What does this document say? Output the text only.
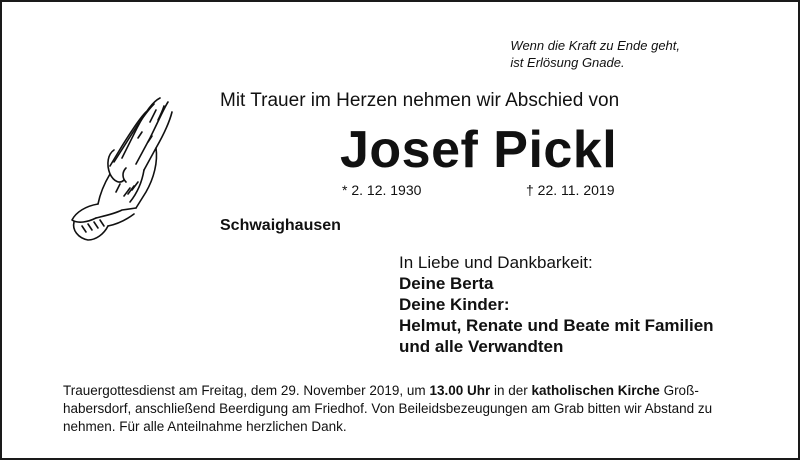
Wenn die Kraft zu Ende geht,
ist Erlösung Gnade.
Mit Trauer im Herzen nehmen wir Abschied von
Josef Pickl
* 2. 12. 1930	† 22. 11. 2019
Schwaighausen
In Liebe und Dankbarkeit:
Deine Berta
Deine Kinder:
Helmut, Renate und Beate mit Familien
und alle Verwandten
Trauergottesdienst am Freitag, dem 29. November 2019, um 13.00 Uhr in der katholischen Kirche Groß-habersdorf, anschließend Beerdigung am Friedhof. Von Beileidsbezeugungen am Grab bitten wir Abstand zu nehmen. Für alle Anteilnahme herzlichen Dank.
